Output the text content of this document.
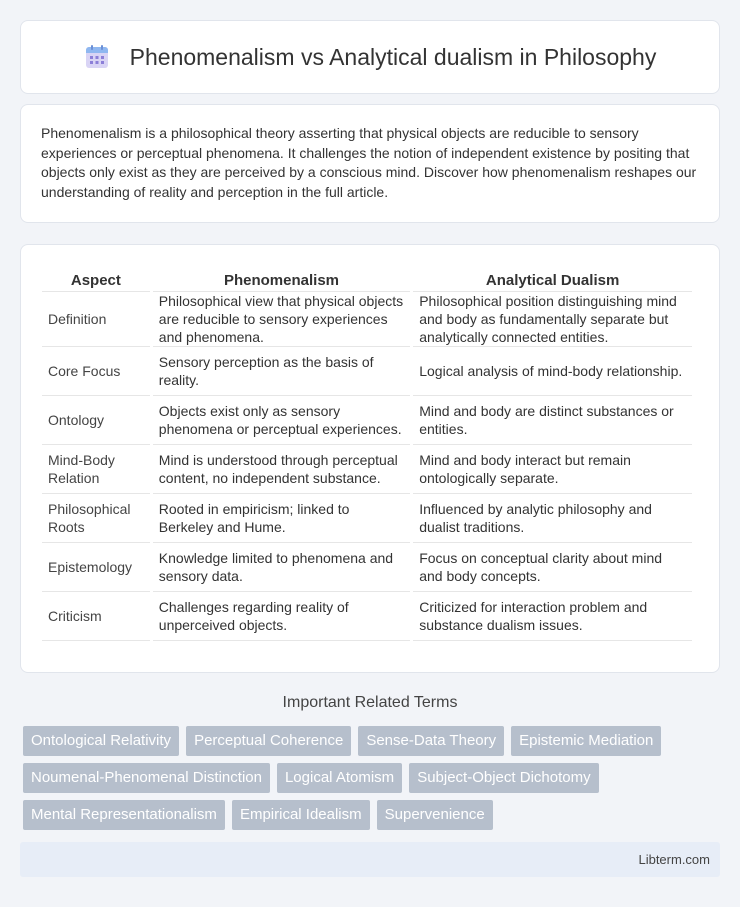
Phenomenalism vs Analytical dualism in Philosophy

Phenomenalism is a philosophical theory asserting that physical objects are reducible to sensory experiences or perceptual phenomena. It challenges the notion of independent existence by positing that objects only exist as they are perceived by a conscious mind. Discover how phenomenalism reshapes our understanding of reality and perception in the full article.

Aspect	Phenomenalism	Analytical Dualism
Definition	Philosophical view that physical objects are reducible to sensory experiences and phenomena.	Philosophical position distinguishing mind and body as fundamentally separate but analytically connected entities.
Core Focus	Sensory perception as the basis of reality.	Logical analysis of mind-body relationship.
Ontology	Objects exist only as sensory phenomena or perceptual experiences.	Mind and body are distinct substances or entities.
Mind-Body Relation	Mind is understood through perceptual content, no independent substance.	Mind and body interact but remain ontologically separate.
Philosophical Roots	Rooted in empiricism; linked to Berkeley and Hume.	Influenced by analytic philosophy and dualist traditions.
Epistemology	Knowledge limited to phenomena and sensory data.	Focus on conceptual clarity about mind and body concepts.
Criticism	Challenges regarding reality of unperceived objects.	Criticized for interaction problem and substance dualism issues.
Important Related Terms
Ontological Relativity	Perceptual Coherence	Sense-Data Theory	Epistemic Mediation
Noumenal-Phenomenal Distinction	Logical Atomism	Subject-Object Dichotomy
Mental Representationalism	Empirical Idealism	Supervenience
Libterm.com
